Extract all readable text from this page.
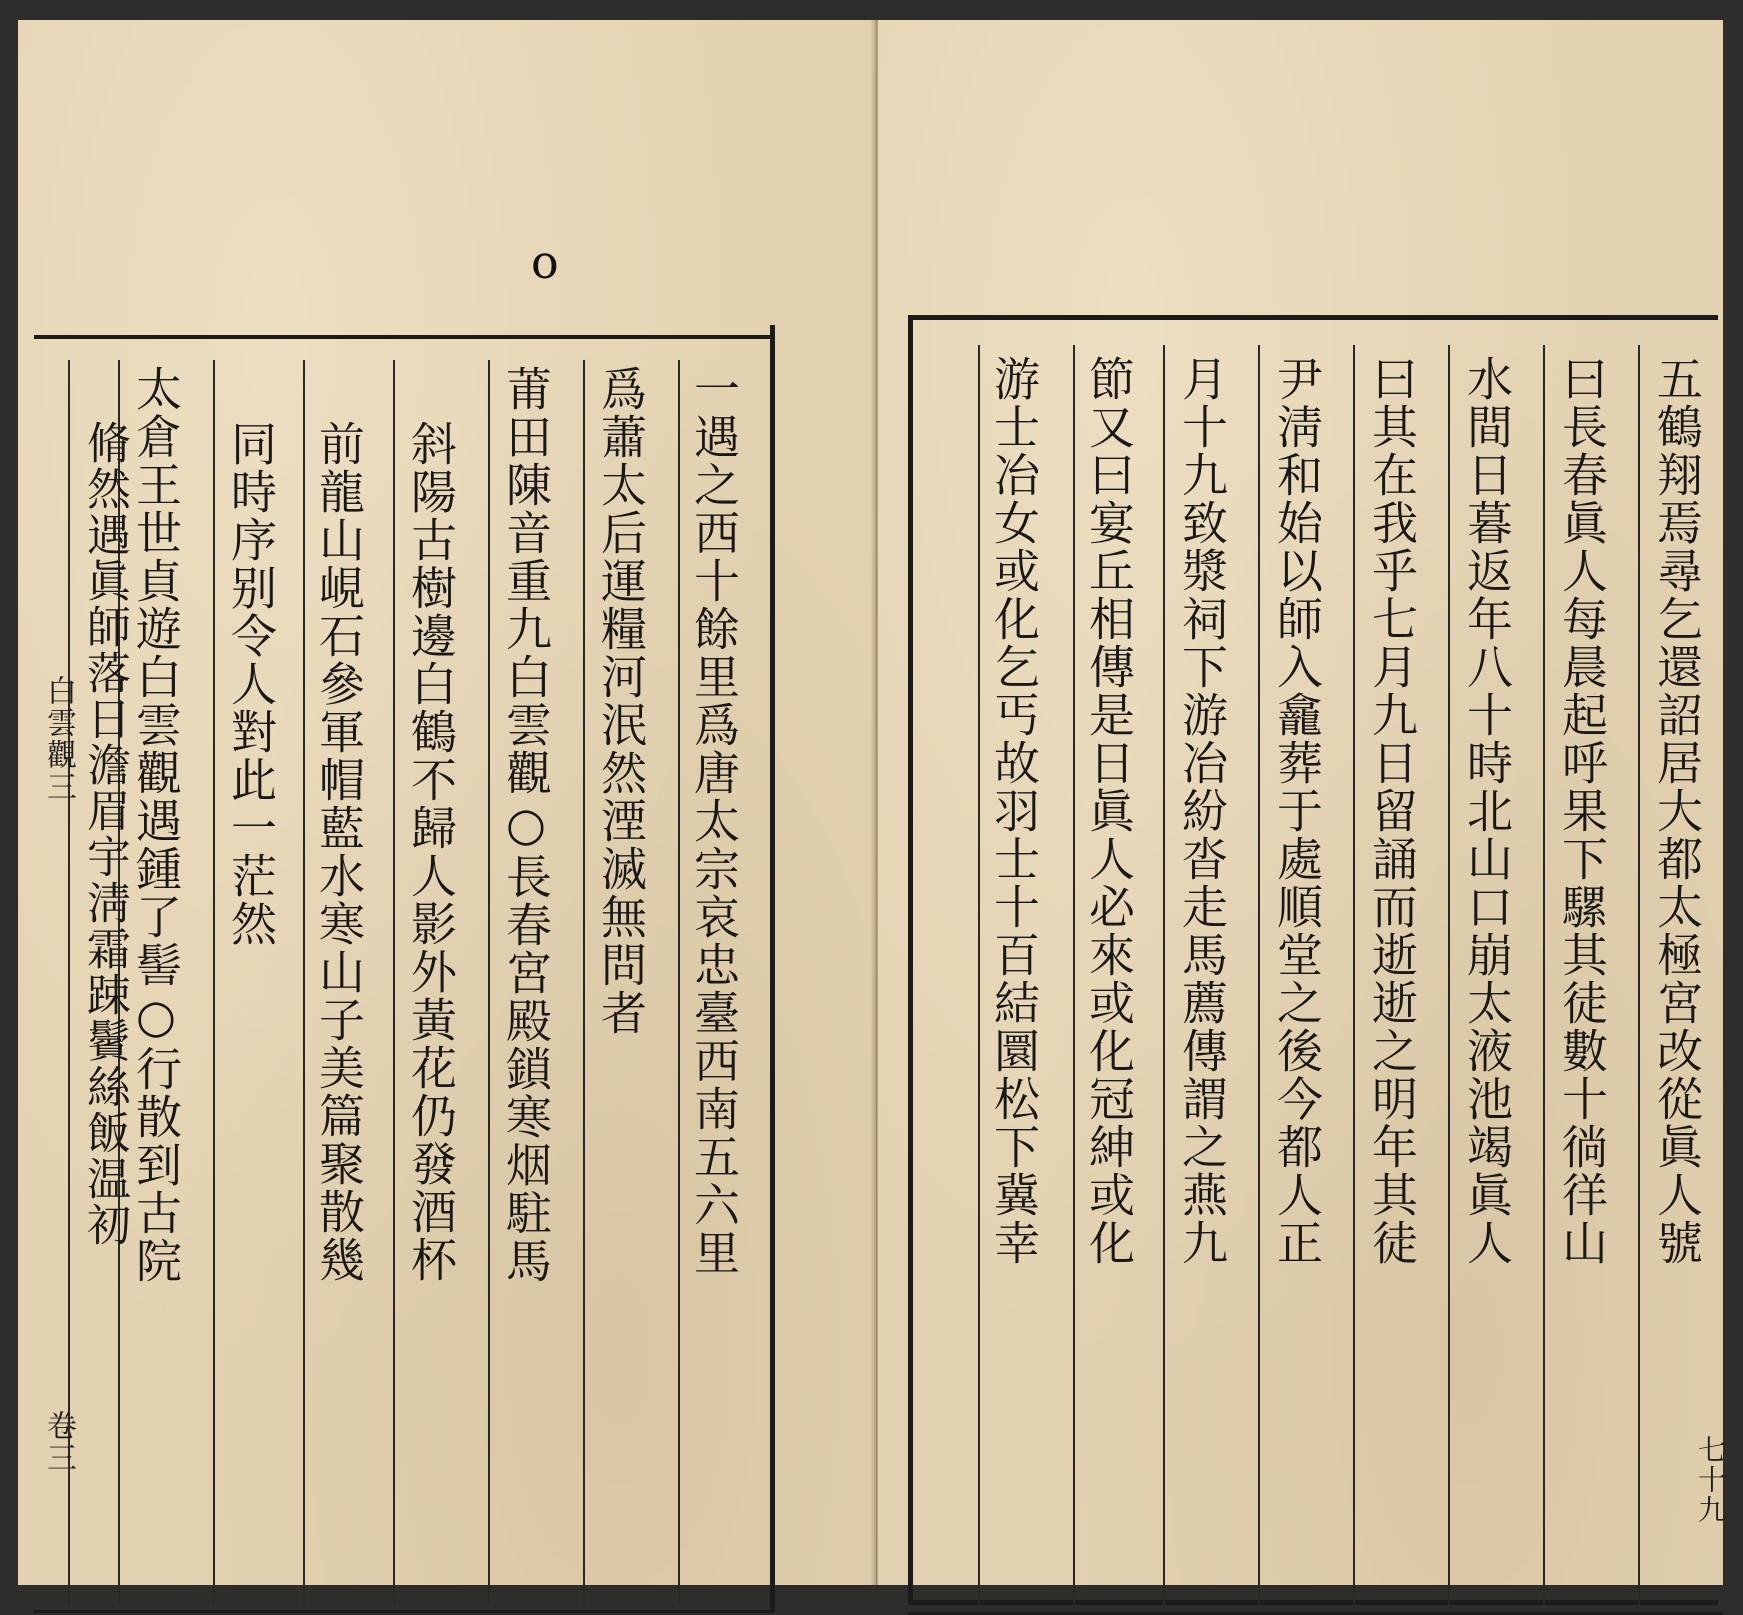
o
一遇之西十餘里爲唐太宗哀忠臺西南五六里
爲蕭太后運糧河泯然湮滅無問者
莆田陳音重九白雲觀○長春宮殿鎖寒烟駐馬
斜陽古樹邊白鶴不歸人影外黃花仍發酒杯
前龍山峴石參軍帽藍水寒山子美篇聚散幾
同時序别令人對此一茫然
太倉王世貞遊白雲觀遇鍾了髻○行散到古院
脩然遇眞師落日澹眉宇淸霜踈鬢絲飯温初
白雲觀三
卷三
五鶴翔焉尋乞還詔居大都太極宮改從眞人號
曰長春眞人每晨起呼果下騾其徒數十徜徉山
水間日暮返年八十時北山口崩太液池竭眞人
曰其在我乎七月九日留誦而逝逝之明年其徒
尹淸和始以師入龕葬于處順堂之後今都人正
月十九致漿祠下游冶紛沓走馬薦傳謂之燕九
節又曰宴丘相傳是日眞人必來或化冠紳或化
游士冶女或化乞丐故羽士十百結圜松下冀幸
七十九
